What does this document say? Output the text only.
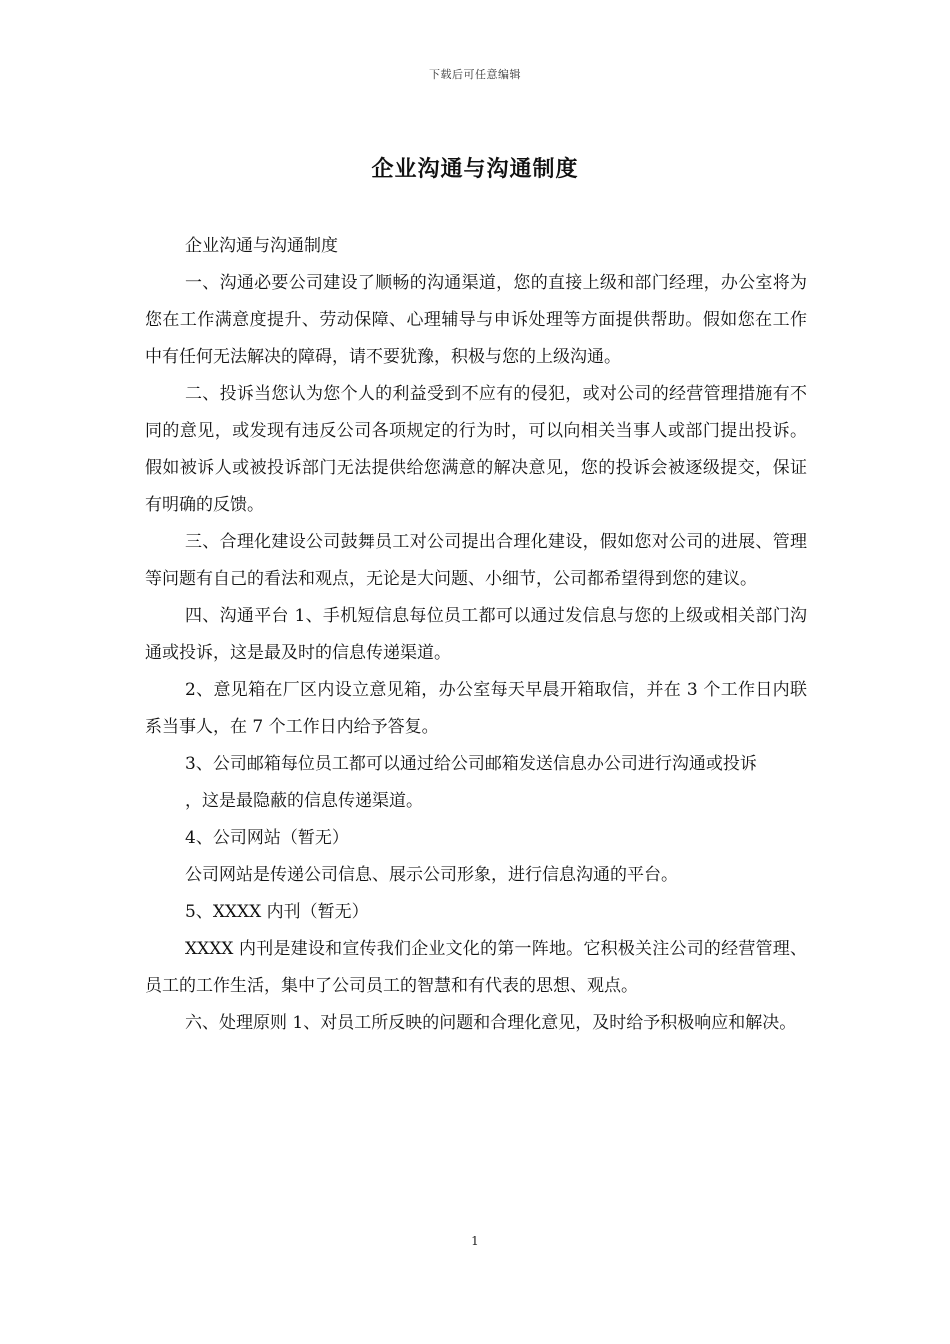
下载后可任意编辑
企业沟通与沟通制度

企业沟通与沟通制度

一、沟通必要公司建设了顺畅的沟通渠道，您的直接上级和部门经理，办公室将为您在工作满意度提升、劳动保障、心理辅导与申诉处理等方面提供帮助。假如您在工作中有任何无法解决的障碍，请不要犹豫，积极与您的上级沟通。

二、投诉当您认为您个人的利益受到不应有的侵犯，或对公司的经营管理措施有不同的意见，或发现有违反公司各项规定的行为时，可以向相关当事人或部门提出投诉。假如被诉人或被投诉部门无法提供给您满意的解决意见，您的投诉会被逐级提交，保证有明确的反馈。

三、合理化建设公司鼓舞员工对公司提出合理化建设，假如您对公司的进展、管理等问题有自己的看法和观点，无论是大问题、小细节，公司都希望得到您的建议。

四、沟通平台 1、手机短信息每位员工都可以通过发信息与您的上级或相关部门沟通或投诉，这是最及时的信息传递渠道。

2、意见箱在厂区内设立意见箱，办公室每天早晨开箱取信，并在 3 个工作日内联系当事人，在 7 个工作日内给予答复。

3、公司邮箱每位员工都可以通过给公司邮箱发送信息办公司进行沟通或投诉

，这是最隐蔽的信息传递渠道。

4、公司网站（暂无）

公司网站是传递公司信息、展示公司形象，进行信息沟通的平台。

5、XXXX 内刊（暂无）

XXXX 内刊是建设和宣传我们企业文化的第一阵地。它积极关注公司的经营管理、员工的工作生活，集中了公司员工的智慧和有代表的思想、观点。

六、处理原则 1、对员工所反映的问题和合理化意见，及时给予积极响应和解决。

1
